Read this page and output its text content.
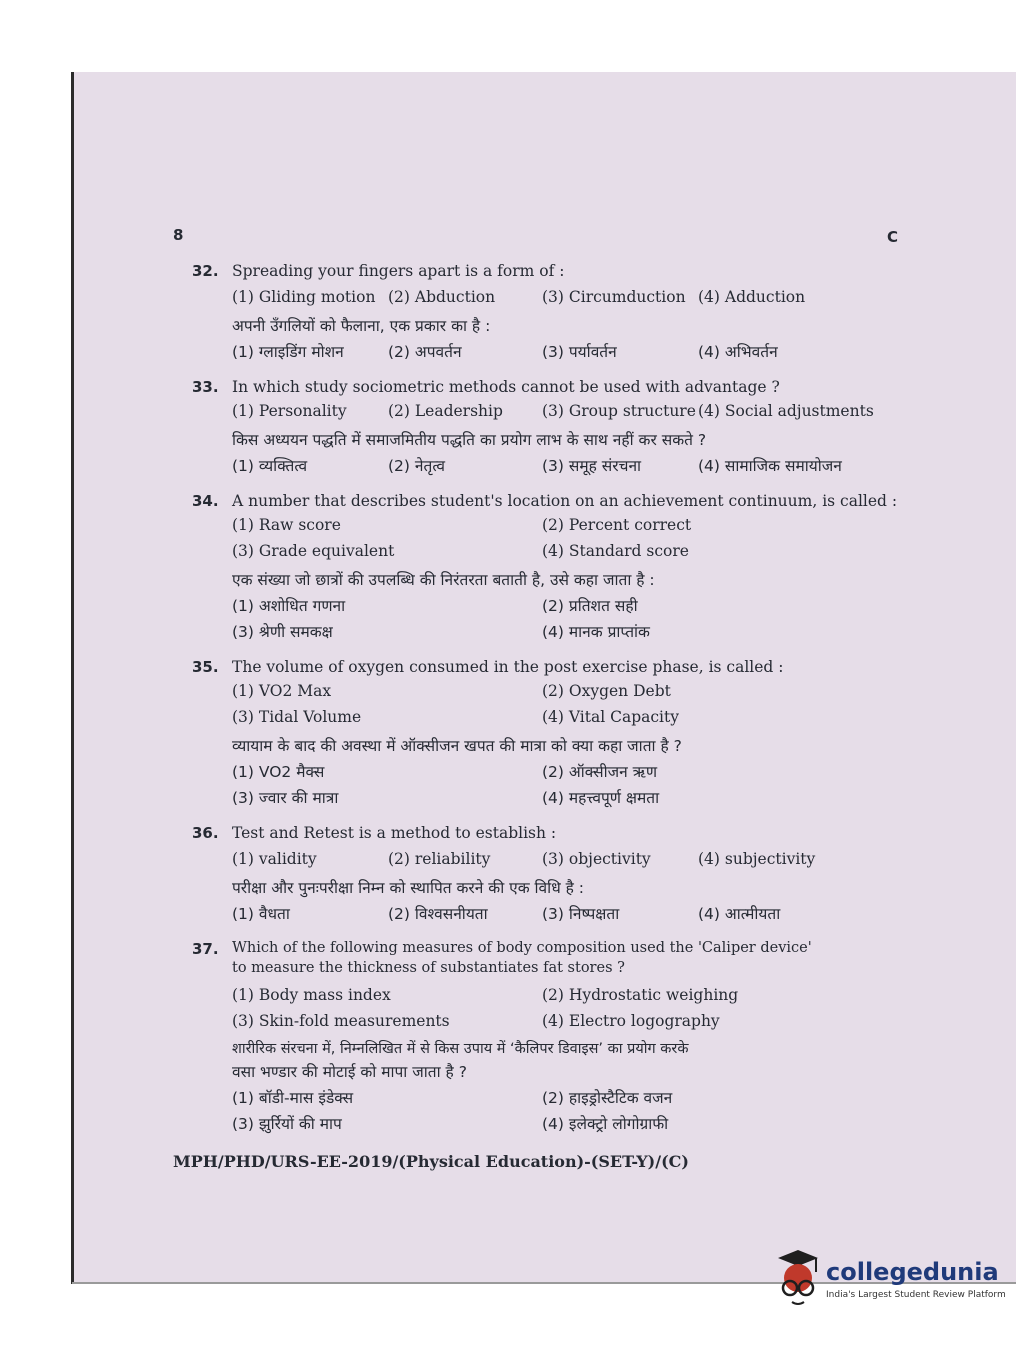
8	C
32. Spreading your fingers apart is a form of :
(1) Gliding motion (2) Abduction	(3) Circumduction (4) Adduction
अपनी उँगलियों को फैलाना, एक प्रकार का है :
(1) ग्लाइडिंग मोशन	(2) अपवर्तन	(3) पर्यावर्तन	(4) अभिवर्तन
33. In which study sociometric methods cannot be used with advantage ?
(1) Personality	(2) Leadership	(3) Group structure (4) Social adjustments
किस अध्ययन पद्धति में समाजमितीय पद्धति का प्रयोग लाभ के साथ नहीं कर सकते ?
(1) व्यक्तित्व	(2) नेतृत्व	(3) समूह संरचना	(4) सामाजिक समायोजन
34. A number that describes student's location on an achievement continuum, is called :
(1) Raw score	(2) Percent correct
(3) Grade equivalent	(4) Standard score
एक संख्या जो छात्रों की उपलब्धि की निरंतरता बताती है, उसे कहा जाता है :
(1) अशोधित गणना	(2) प्रतिशत सही
(3) श्रेणी समकक्ष	(4) मानक प्राप्तांक
35. The volume of oxygen consumed in the post exercise phase, is called :
(1) VO2 Max	(2) Oxygen Debt
(3) Tidal Volume	(4) Vital Capacity
व्यायाम के बाद की अवस्था में ऑक्सीजन खपत की मात्रा को क्या कहा जाता है ?
(1) VO2 मैक्स	(2) ऑक्सीजन ऋण
(3) ज्वार की मात्रा	(4) महत्त्वपूर्ण क्षमता
36. Test and Retest is a method to establish :
(1) validity	(2) reliability	(3) objectivity	(4) subjectivity
परीक्षा और पुनःपरीक्षा निम्न को स्थापित करने की एक विधि है :
(1) वैधता	(2) विश्वसनीयता	(3) निष्पक्षता	(4) आत्मीयता
37. Which of the following measures of body composition used the 'Caliper device'
to measure the thickness of substantiates fat stores ?
(1) Body mass index	(2) Hydrostatic weighing
(3) Skin-fold measurements	(4) Electro logography
शारीरिक संरचना में, निम्नलिखित में से किस उपाय में ‘कैलिपर डिवाइस’ का प्रयोग करके
वसा भण्डार की मोटाई को मापा जाता है ?
(1) बॉडी-मास इंडेक्स	(2) हाइड्रोस्टैटिक वजन
(3) झुर्रियों की माप	(4) इलेक्ट्रो लोगोग्राफी
MPH/PHD/URS-EE-2019/(Physical Education)-(SET-Y)/(C)
collegedunia
India's Largest Student Review Platform
